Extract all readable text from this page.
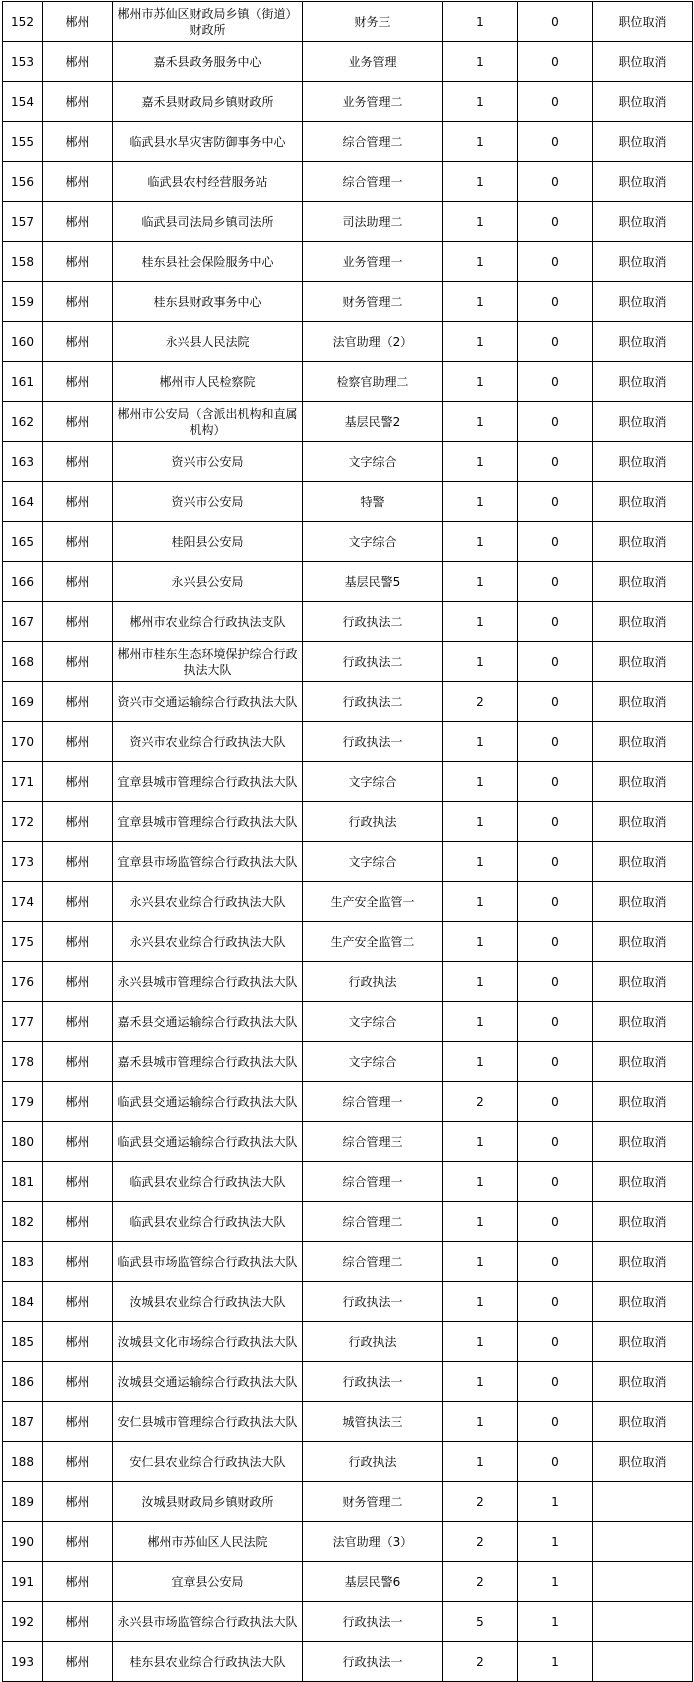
152	郴州	郴州市苏仙区财政局乡镇（街道）财政所	财务三	1	0	职位取消
153	郴州	嘉禾县政务服务中心	业务管理	1	0	职位取消
154	郴州	嘉禾县财政局乡镇财政所	业务管理二	1	0	职位取消
155	郴州	临武县水旱灾害防御事务中心	综合管理二	1	0	职位取消
156	郴州	临武县农村经营服务站	综合管理一	1	0	职位取消
157	郴州	临武县司法局乡镇司法所	司法助理二	1	0	职位取消
158	郴州	桂东县社会保险服务中心	业务管理一	1	0	职位取消
159	郴州	桂东县财政事务中心	财务管理二	1	0	职位取消
160	郴州	永兴县人民法院	法官助理（2）	1	0	职位取消
161	郴州	郴州市人民检察院	检察官助理二	1	0	职位取消
162	郴州	郴州市公安局（含派出机构和直属机构）	基层民警2	1	0	职位取消
163	郴州	资兴市公安局	文字综合	1	0	职位取消
164	郴州	资兴市公安局	特警	1	0	职位取消
165	郴州	桂阳县公安局	文字综合	1	0	职位取消
166	郴州	永兴县公安局	基层民警5	1	0	职位取消
167	郴州	郴州市农业综合行政执法支队	行政执法二	1	0	职位取消
168	郴州	郴州市桂东生态环境保护综合行政执法大队	行政执法二	1	0	职位取消
169	郴州	资兴市交通运输综合行政执法大队	行政执法二	2	0	职位取消
170	郴州	资兴市农业综合行政执法大队	行政执法一	1	0	职位取消
171	郴州	宜章县城市管理综合行政执法大队	文字综合	1	0	职位取消
172	郴州	宜章县城市管理综合行政执法大队	行政执法	1	0	职位取消
173	郴州	宜章县市场监管综合行政执法大队	文字综合	1	0	职位取消
174	郴州	永兴县农业综合行政执法大队	生产安全监管一	1	0	职位取消
175	郴州	永兴县农业综合行政执法大队	生产安全监管二	1	0	职位取消
176	郴州	永兴县城市管理综合行政执法大队	行政执法	1	0	职位取消
177	郴州	嘉禾县交通运输综合行政执法大队	文字综合	1	0	职位取消
178	郴州	嘉禾县城市管理综合行政执法大队	文字综合	1	0	职位取消
179	郴州	临武县交通运输综合行政执法大队	综合管理一	2	0	职位取消
180	郴州	临武县交通运输综合行政执法大队	综合管理三	1	0	职位取消
181	郴州	临武县农业综合行政执法大队	综合管理一	1	0	职位取消
182	郴州	临武县农业综合行政执法大队	综合管理二	1	0	职位取消
183	郴州	临武县市场监管综合行政执法大队	综合管理二	1	0	职位取消
184	郴州	汝城县农业综合行政执法大队	行政执法一	1	0	职位取消
185	郴州	汝城县文化市场综合行政执法大队	行政执法	1	0	职位取消
186	郴州	汝城县交通运输综合行政执法大队	行政执法一	1	0	职位取消
187	郴州	安仁县城市管理综合行政执法大队	城管执法三	1	0	职位取消
188	郴州	安仁县农业综合行政执法大队	行政执法	1	0	职位取消
189	郴州	汝城县财政局乡镇财政所	财务管理二	2	1	
190	郴州	郴州市苏仙区人民法院	法官助理（3）	2	1	
191	郴州	宜章县公安局	基层民警6	2	1	
192	郴州	永兴县市场监管综合行政执法大队	行政执法一	5	1	
193	郴州	桂东县农业综合行政执法大队	行政执法一	2	1	
